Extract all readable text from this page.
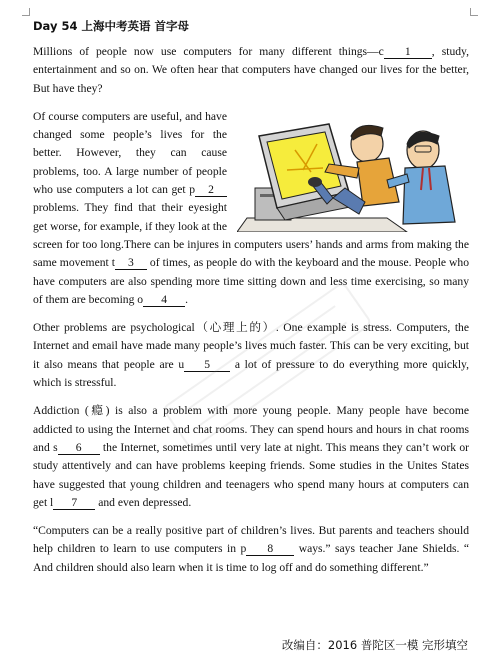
Day 54 上海中考英语 首字母

Millions of people now use computers for many different things—c 1 , study, entertainment and so on. We often hear that computers have changed our lives for the better, But have they?

Of course computers are useful, and have changed some people’s lives for the better. However, they can cause problems, too. A large number of people who use computers a lot can get p 2 problems. They find that their eyesight get worse, for example, if they look at the screen for too long.There can be injures in computers users’ hands and arms from making the same movement t 3 of times, as people do with the keyboard and the mouse. People who have computers are also spending more time sitting down and less time exercising, so many of them are becoming o 4 .

Other problems are psychological（心理上的）. One example is stress. Computers, the Internet and email have made many people’s lives much faster. This can be very exciting, but it also means that people are u 5 a lot of pressure to do everything more quickly, which is stressful.

Addiction (瘾) is also a problem with more young people. Many people have become addicted to using the Internet and chat rooms. They can spend hours and hours in chat rooms and s 6 the Internet, sometimes until very late at night. This means they can’t work or study attentively and can have problems keeping friends. Some studies in the Unites States have suggested that young children and teenagers who spend many hours at computers can get l 7 and even depressed.

“Computers can be a really positive part of children’s lives. But parents and teachers should help children to learn to use computers in p 8 ways.” says teacher Jane Shields. “ And children should also learn when it is time to log off and do something different.”

改编自：2016 普陀区一模 完形填空
